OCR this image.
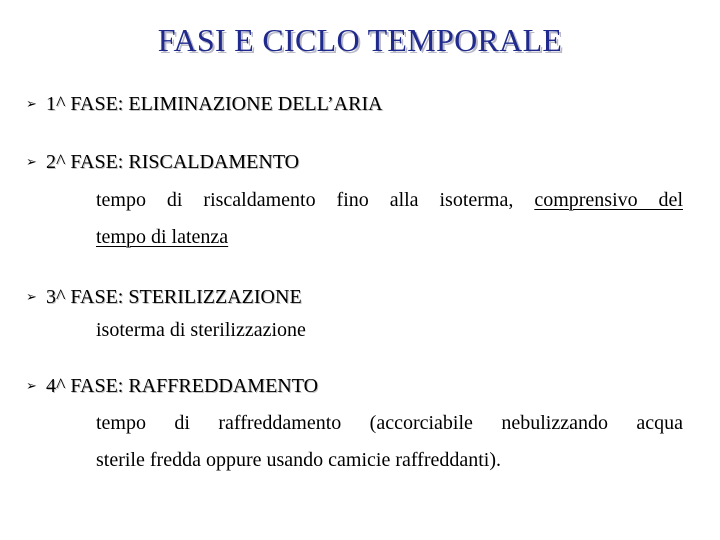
FASI E CICLO TEMPORALE
➢ 1^ FASE: ELIMINAZIONE DELL’ARIA
➢ 2^ FASE: RISCALDAMENTO
tempo di riscaldamento fino alla isoterma, comprensivo del
tempo di latenza
➢ 3^ FASE: STERILIZZAZIONE
isoterma di sterilizzazione
➢ 4^ FASE: RAFFREDDAMENTO
tempo di raffreddamento (accorciabile nebulizzando acqua
sterile fredda oppure usando camicie raffreddanti).
